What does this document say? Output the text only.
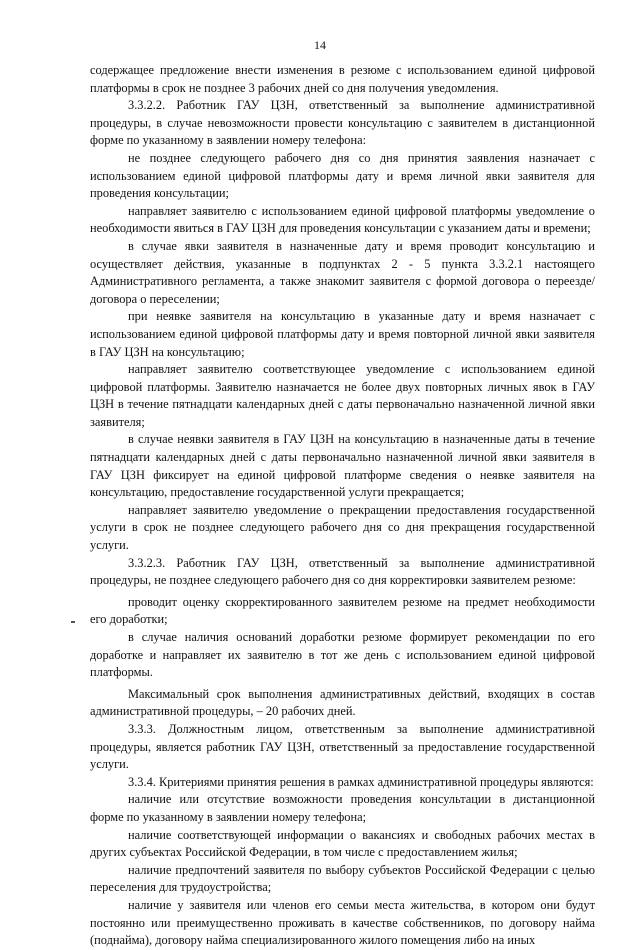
14

содержащее предложение внести изменения в резюме с использованием единой цифровой платформы в срок не позднее 3 рабочих дней со дня получения уведомления.

3.3.2.2. Работник ГАУ ЦЗН, ответственный за выполнение административной процедуры, в случае невозможности провести консультацию с заявителем в дистанционной форме по указанному в заявлении номеру телефона:

не позднее следующего рабочего дня со дня принятия заявления назначает с использованием единой цифровой платформы дату и время личной явки заявителя для проведения консультации;

направляет заявителю с использованием единой цифровой платформы уведомление о необходимости явиться в ГАУ ЦЗН для проведения консультации с указанием даты и времени;

в случае явки заявителя в назначенные дату и время проводит консультацию и осуществляет действия, указанные в подпунктах 2 - 5 пункта 3.3.2.1 настоящего Административного регламента, а также знакомит заявителя с формой договора о переезде/договора о переселении;

при неявке заявителя на консультацию в указанные дату и время назначает с использованием единой цифровой платформы дату и время повторной личной явки заявителя в ГАУ ЦЗН на консультацию;

направляет заявителю соответствующее уведомление с использованием единой цифровой платформы. Заявителю назначается не более двух повторных личных явок в ГАУ ЦЗН в течение пятнадцати календарных дней с даты первоначально назначенной личной явки заявителя;

в случае неявки заявителя в ГАУ ЦЗН на консультацию в назначенные даты в течение пятнадцати календарных дней с даты первоначально назначенной личной явки заявителя в ГАУ ЦЗН фиксирует на единой цифровой платформе сведения о неявке заявителя на консультацию, предоставление государственной услуги прекращается;

направляет заявителю уведомление о прекращении предоставления государственной услуги в срок не позднее следующего рабочего дня со дня прекращения государственной услуги.

3.3.2.3. Работник ГАУ ЦЗН, ответственный за выполнение административной процедуры, не позднее следующего рабочего дня со дня корректировки заявителем резюме:

проводит оценку скорректированного заявителем резюме на предмет необходимости его доработки;

в случае наличия оснований доработки резюме формирует рекомендации по его доработке и направляет их заявителю в тот же день с использованием единой цифровой платформы.

Максимальный срок выполнения административных действий, входящих в состав административной процедуры, – 20 рабочих дней.

3.3.3. Должностным лицом, ответственным за выполнение административной процедуры, является работник ГАУ ЦЗН, ответственный за предоставление государственной услуги.

3.3.4. Критериями принятия решения в рамках административной процедуры являются:

наличие или отсутствие возможности проведения консультации в дистанционной форме по указанному в заявлении номеру телефона;

наличие соответствующей информации о вакансиях и свободных рабочих местах в других субъектах Российской Федерации, в том числе с предоставлением жилья;

наличие предпочтений заявителя по выбору субъектов Российской Федерации с целью переселения для трудоустройства;

наличие у заявителя или членов его семьи места жительства, в котором они будут постоянно или преимущественно проживать в качестве собственников, по договору найма (поднайма), договору найма специализированного жилого помещения либо на иных
